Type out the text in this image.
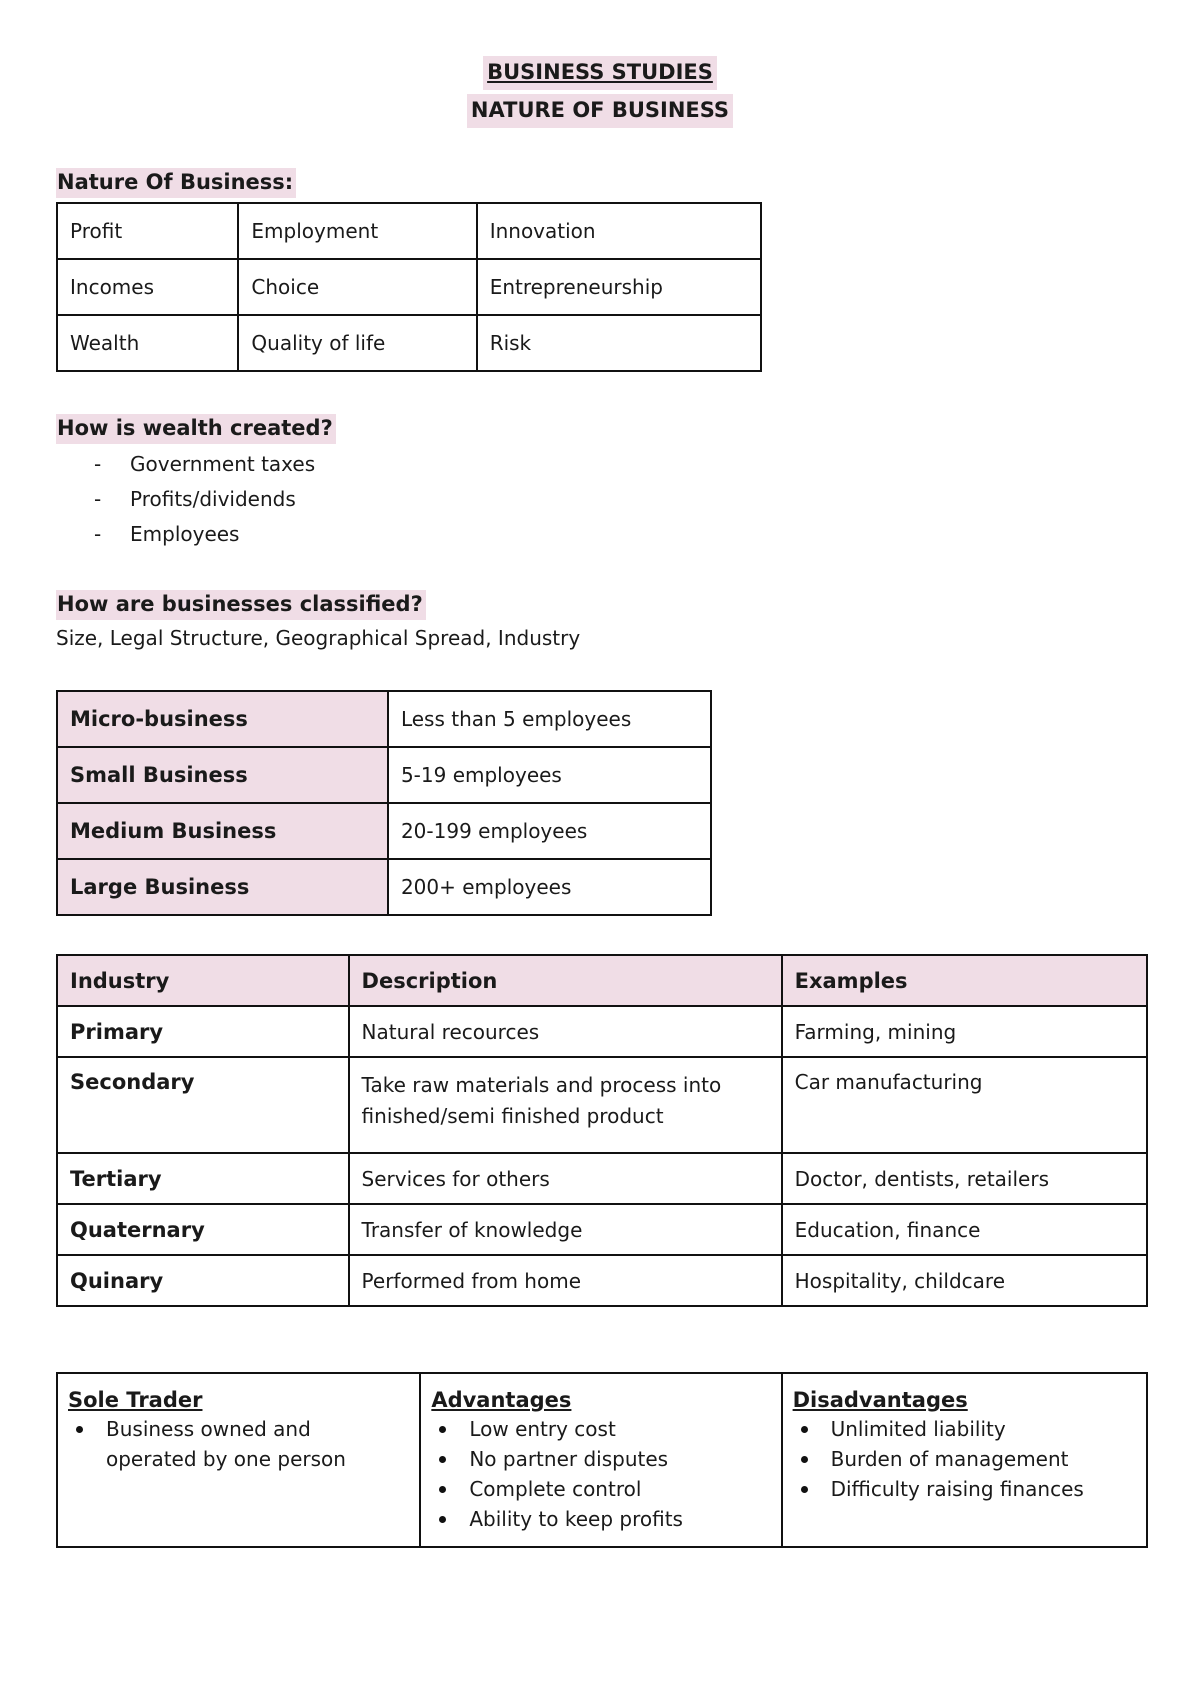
BUSINESS STUDIES
NATURE OF BUSINESS
Nature Of Business:
Profit	Employment	Innovation
Incomes	Choice	Entrepreneurship
Wealth	Quality of life	Risk
How is wealth created?
- Government taxes
- Profits/dividends
- Employees
How are businesses classified?
Size, Legal Structure, Geographical Spread, Industry
Micro-business	Less than 5 employees
Small Business	5-19 employees
Medium Business	20-199 employees
Large Business	200+ employees
Industry	Description	Examples
Primary	Natural recources	Farming, mining
Secondary	Take raw materials and process into finished/semi finished product	Car manufacturing
Tertiary	Services for others	Doctor, dentists, retailers
Quaternary	Transfer of knowledge	Education, finance
Quinary	Performed from home	Hospitality, childcare
Sole Trader
Business owned and operated by one person

Advantages
Low entry cost
No partner disputes
Complete control
Ability to keep profits

Disadvantages
Unlimited liability
Burden of management
Difficulty raising finances
